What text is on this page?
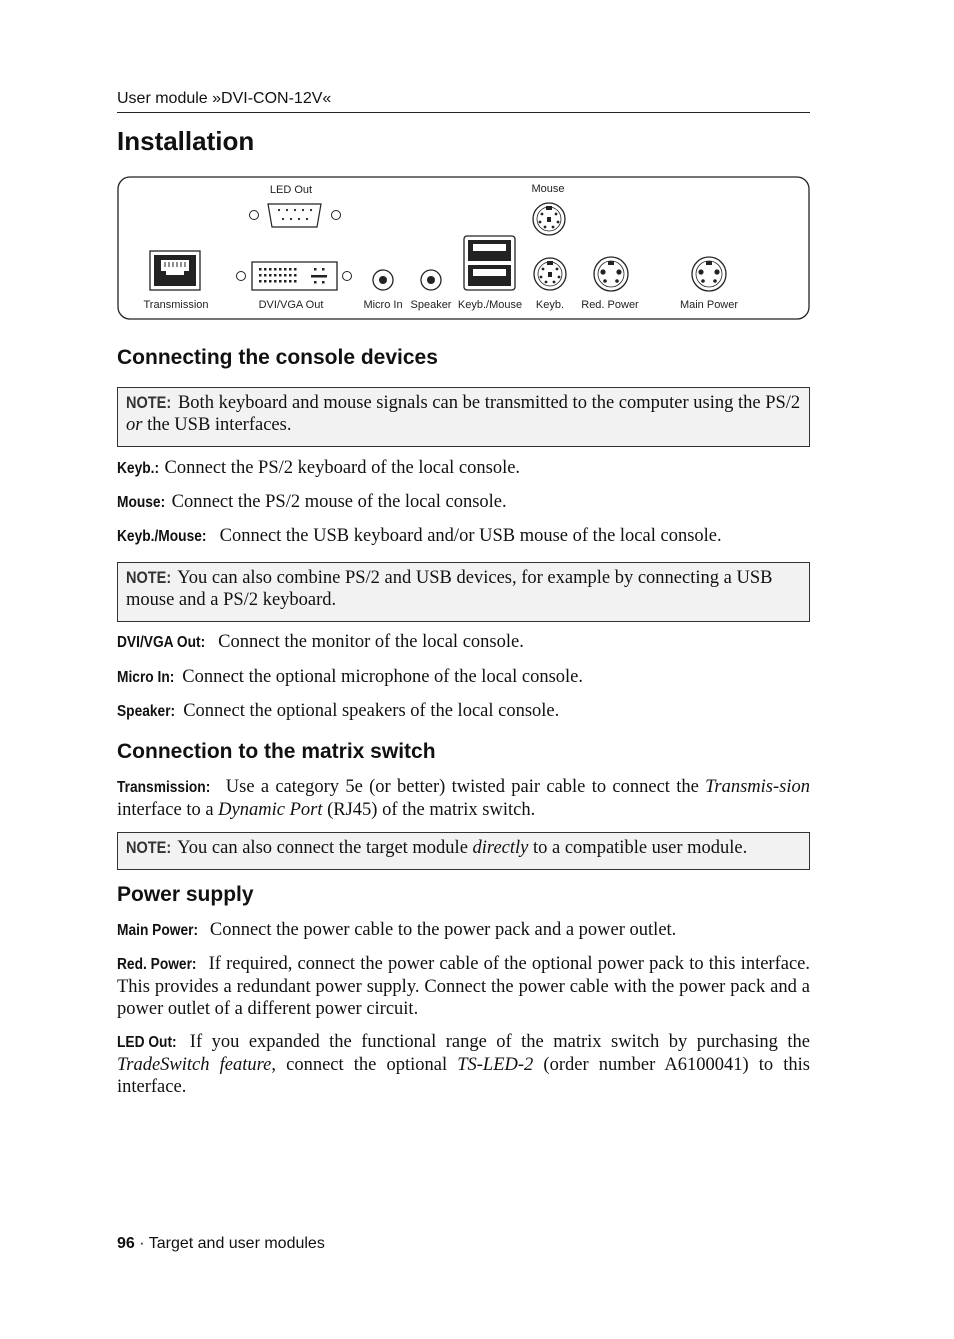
User module »DVI-CON-12V«
Installation
LED Out	Mouse
Transmission	DVI/VGA Out	Micro In Speaker Keyb./Mouse Keyb. Red. Power	Main Power
Connecting the console devices
NOTE: Both keyboard and mouse signals can be transmitted to the computer using the PS/2 or the USB interfaces.
Keyb.: Connect the PS/2 keyboard of the local console.
Mouse: Connect the PS/2 mouse of the local console.
Keyb./Mouse: Connect the USB keyboard and/or USB mouse of the local console.
NOTE: You can also combine PS/2 and USB devices, for example by connecting a USB mouse and a PS/2 keyboard.
DVI/VGA Out: Connect the monitor of the local console.
Micro In: Connect the optional microphone of the local console.
Speaker: Connect the optional speakers of the local console.
Connection to the matrix switch
Transmission: Use a category 5e (or better) twisted pair cable to connect the Transmis-sion interface to a Dynamic Port (RJ45) of the matrix switch.
NOTE: You can also connect the target module directly to a compatible user module.
Power supply
Main Power: Connect the power cable to the power pack and a power outlet.
Red. Power: If required, connect the power cable of the optional power pack to this interface. This provides a redundant power supply. Connect the power cable with the power pack and a power outlet of a different power circuit.
LED Out: If you expanded the functional range of the matrix switch by purchasing the TradeSwitch feature, connect the optional TS-LED-2 (order number A6100041) to this interface.
96 · Target and user modules
